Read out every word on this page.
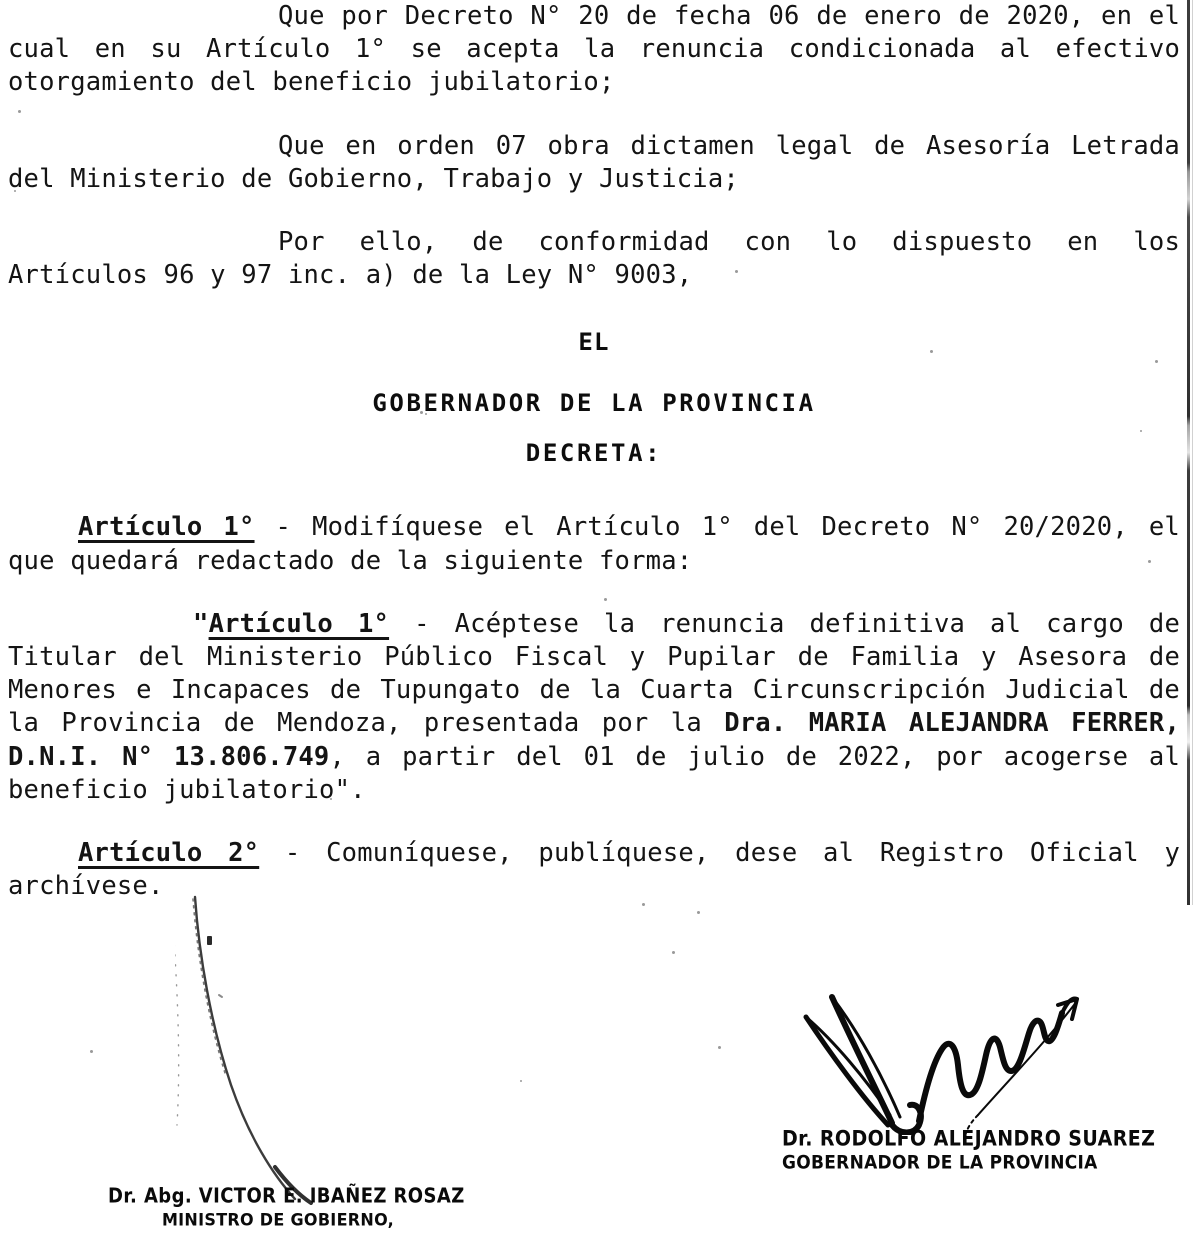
Que por Decreto N° 20 de fecha 06 de enero de 2020, en el cual en su Artículo 1° se acepta la renuncia condicionada al efectivo otorgamiento del beneficio jubilatorio;

Que en orden 07 obra dictamen legal de Asesoría Letrada del Ministerio de Gobierno, Trabajo y Justicia;

Por ello, de conformidad con lo dispuesto en los Artículos 96 y 97 inc. a) de la Ley N° 9003,

EL

GOBERNADOR DE LA PROVINCIA

DECRETA:

Artículo 1° - Modifíquese el Artículo 1° del Decreto N° 20/2020, el que quedará redactado de la siguiente forma:

"Artículo 1° - Acéptese la renuncia definitiva al cargo de Titular del Ministerio Público Fiscal y Pupilar de Familia y Asesora de Menores e Incapaces de Tupungato de la Cuarta Circunscripción Judicial de la Provincia de Mendoza, presentada por la Dra. MARIA ALEJANDRA FERRER, D.N.I. N° 13.806.749, a partir del 01 de julio de 2022, por acogerse al beneficio jubilatorio".

Artículo 2° - Comuníquese, publíquese, dese al Registro Oficial y archívese.

Dr. RODOLFO ALEJANDRO SUAREZ
GOBERNADOR DE LA PROVINCIA
Dr. Abg. VICTOR E. IBAÑEZ ROSAZ
MINISTRO DE GOBIERNO,
